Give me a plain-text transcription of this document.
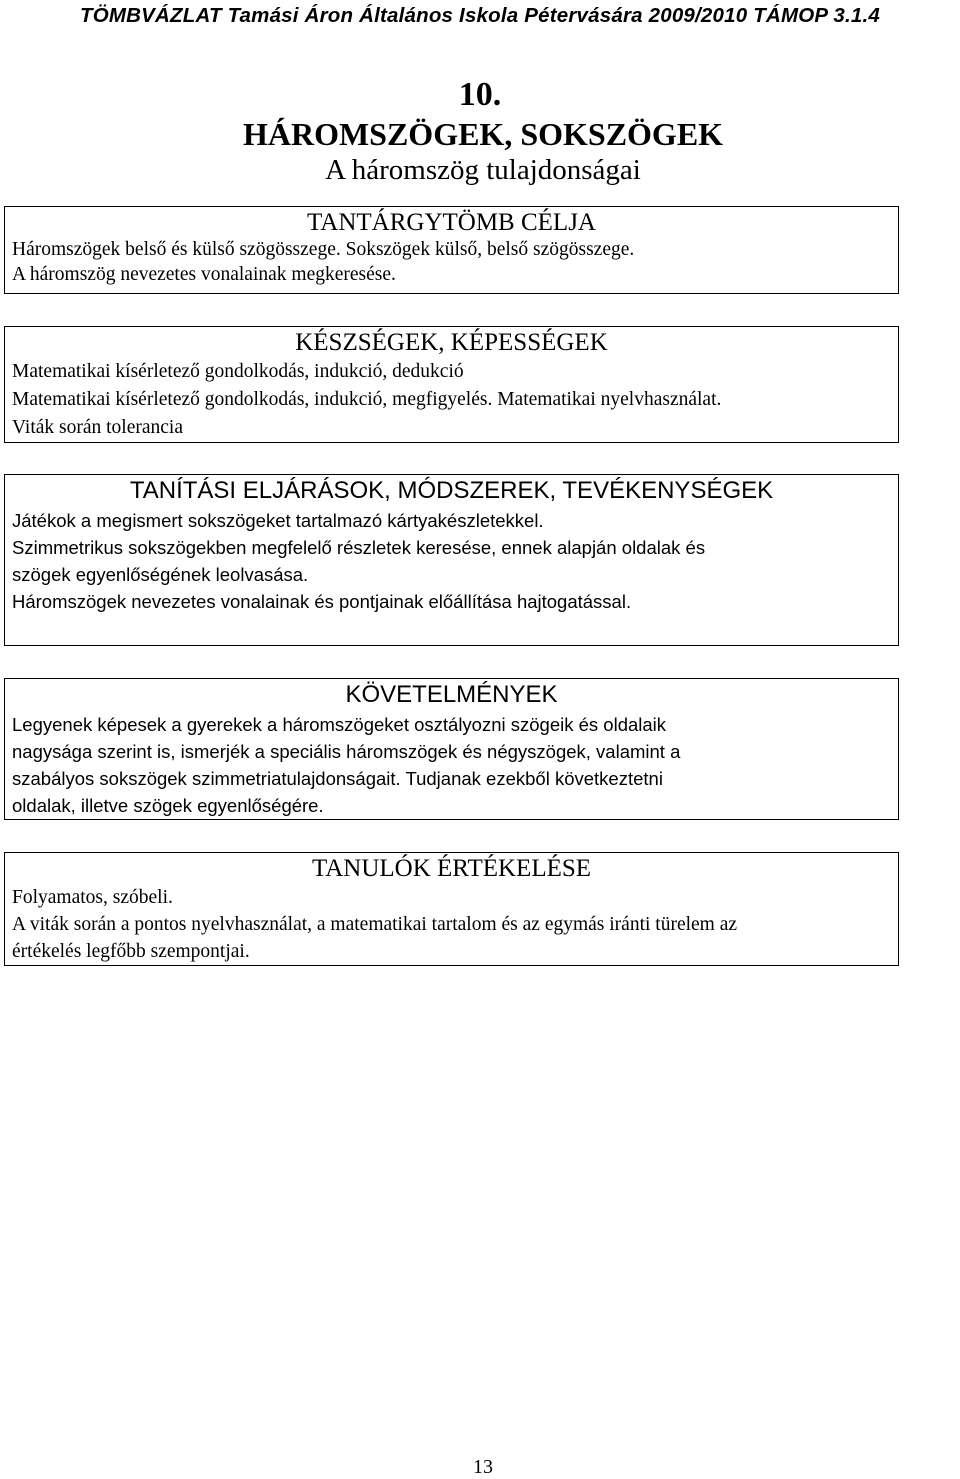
TÖMBVÁZLAT Tamási Áron Általános Iskola Pétervására 2009/2010 TÁMOP 3.1.4
10.
HÁROMSZÖGEK, SOKSZÖGEK
A háromszög tulajdonságai
TANTÁRGYTÖMB CÉLJA

Háromszögek belső és külső szögösszege. Sokszögek külső, belső szögösszege.
A háromszög nevezetes vonalainak megkeresése.

KÉSZSÉGEK, KÉPESSÉGEK

Matematikai kísérletező gondolkodás, indukció, dedukció
Matematikai kísérletező gondolkodás, indukció, megfigyelés. Matematikai nyelvhasználat.
Viták során tolerancia

TANÍTÁSI ELJÁRÁSOK, MÓDSZEREK, TEVÉKENYSÉGEK

Játékok a megismert sokszögeket tartalmazó kártyakészletekkel.
Szimmetrikus sokszögekben megfelelő részletek keresése, ennek alapján oldalak és
szögek egyenlőségének leolvasása.
Háromszögek nevezetes vonalainak és pontjainak előállítása hajtogatással.

KÖVETELMÉNYEK

Legyenek képesek a gyerekek a háromszögeket osztályozni szögeik és oldalaik
nagysága szerint is, ismerjék a speciális háromszögek és négyszögek, valamint a
szabályos sokszögek szimmetriatulajdonságait. Tudjanak ezekből következtetni
oldalak, illetve szögek egyenlőségére.

TANULÓK ÉRTÉKELÉSE

Folyamatos, szóbeli.
A viták során a pontos nyelvhasználat, a matematikai tartalom és az egymás iránti türelem az
értékelés legfőbb szempontjai.

13
